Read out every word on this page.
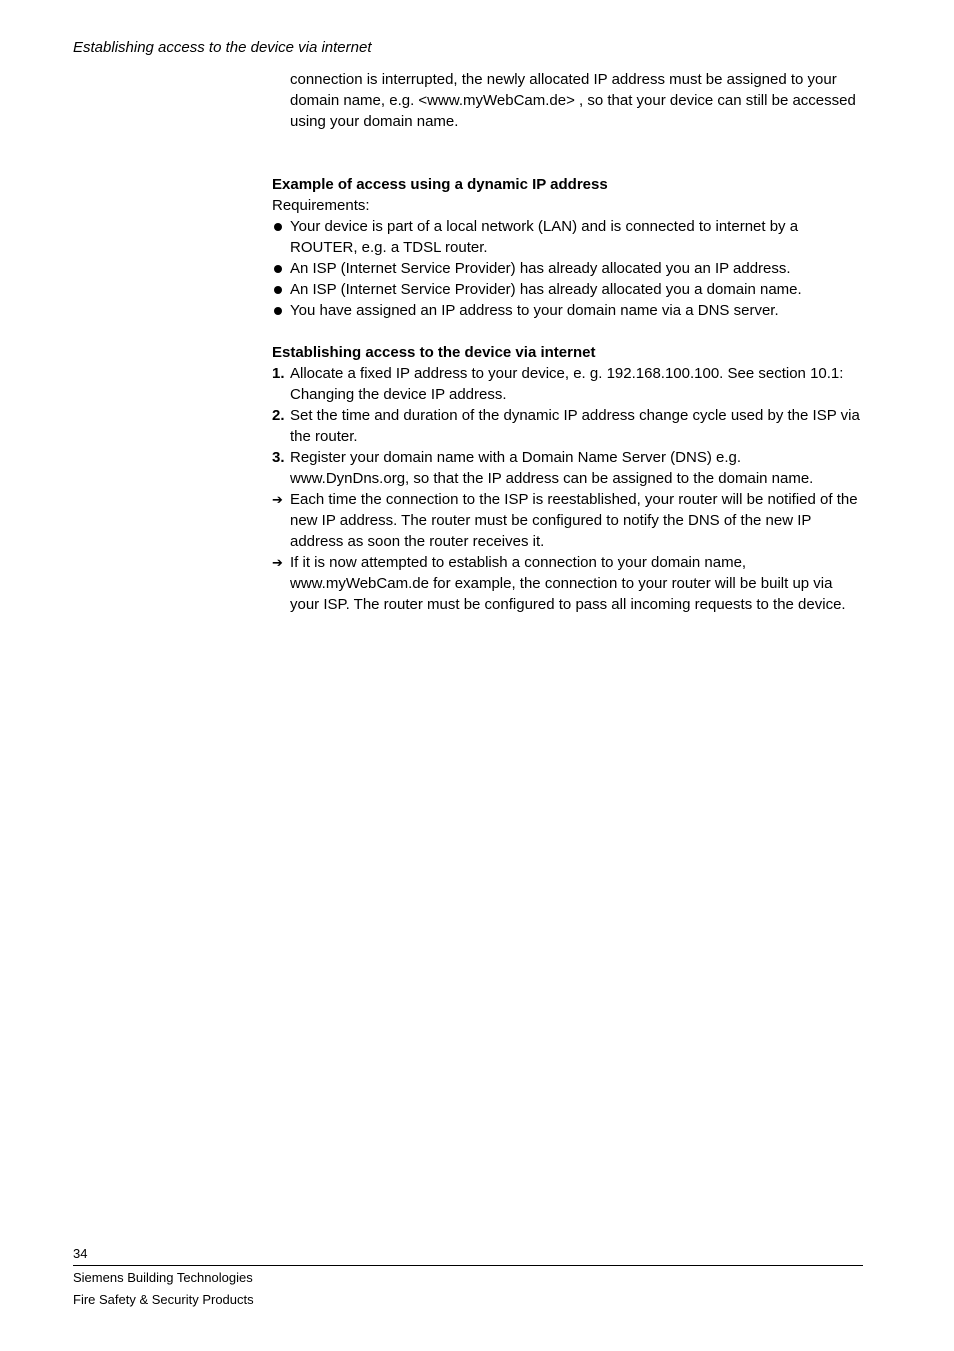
Establishing access to the device via internet

connection is interrupted, the newly allocated IP address must be assigned to your domain name, e.g. <www.myWebCam.de> , so that your device can still be accessed using your domain name.

Example of access using a dynamic IP address

Requirements:

Your device is part of a local network (LAN) and is connected to internet by a ROUTER, e.g. a TDSL router.
An ISP (Internet Service Provider) has already allocated you an IP address.
An ISP (Internet Service Provider) has already allocated you a domain name.
You have assigned an IP address to your domain name via a DNS server.

Establishing access to the device via internet

1. Allocate a fixed IP address to your device, e. g. 192.168.100.100. See section 10.1: Changing the device IP address.
2. Set the time and duration of the dynamic IP address change cycle used by the ISP via the router.
3. Register your domain name with a Domain Name Server (DNS) e.g. www.DynDns.org, so that the IP address can be assigned to the domain name.
➔ Each time the connection to the ISP is reestablished, your router will be notified of the new IP address. The router must be configured to notify the DNS of the new IP address as soon the router receives it.
➔ If it is now attempted to establish a connection to your domain name, www.myWebCam.de for example, the connection to your router will be built up via your ISP. The router must be configured to pass all incoming requests to the device.
34
Siemens Building Technologies
Fire Safety & Security Products
